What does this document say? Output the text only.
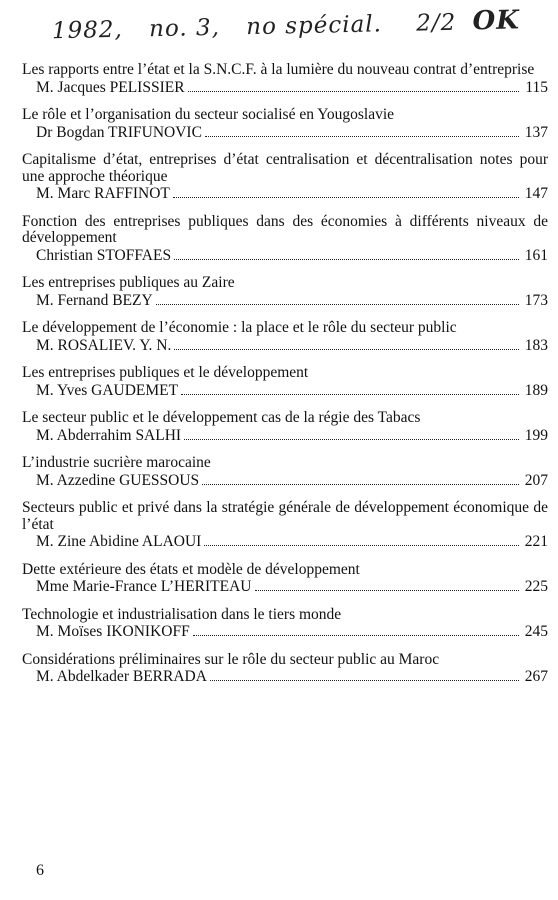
1982, no. 3, no spécial. 2/2 OK
Les rapports entre l’état et la S.N.C.F. à la lumière du nouveau contrat d’entreprise
M. Jacques PELISSIER	115
Le rôle et l’organisation du secteur socialisé en Yougoslavie
Dr Bogdan TRIFUNOVIC	137
Capitalisme d’état, entreprises d’état centralisation et décentralisation notes pour une approche théorique
M. Marc RAFFINOT	147
Fonction des entreprises publiques dans des économies à différents niveaux de développement
Christian STOFFAES	161
Les entreprises publiques au Zaire
M. Fernand BEZY	173
Le développement de l’économie : la place et le rôle du secteur public
M. ROSALIEV. Y. N.	183
Les entreprises publiques et le développement
M. Yves GAUDEMET	189
Le secteur public et le développement cas de la régie des Tabacs
M. Abderrahim SALHI	199
L’industrie sucrière marocaine
M. Azzedine GUESSOUS	207
Secteurs public et privé dans la stratégie générale de développement économique de l’état
M. Zine Abidine ALAOUI	221
Dette extérieure des états et modèle de développement
Mme Marie-France L’HERITEAU	225
Technologie et industrialisation dans le tiers monde
M. Moïses IKONIKOFF	245
Considérations préliminaires sur le rôle du secteur public au Maroc
M. Abdelkader BERRADA	267
6
